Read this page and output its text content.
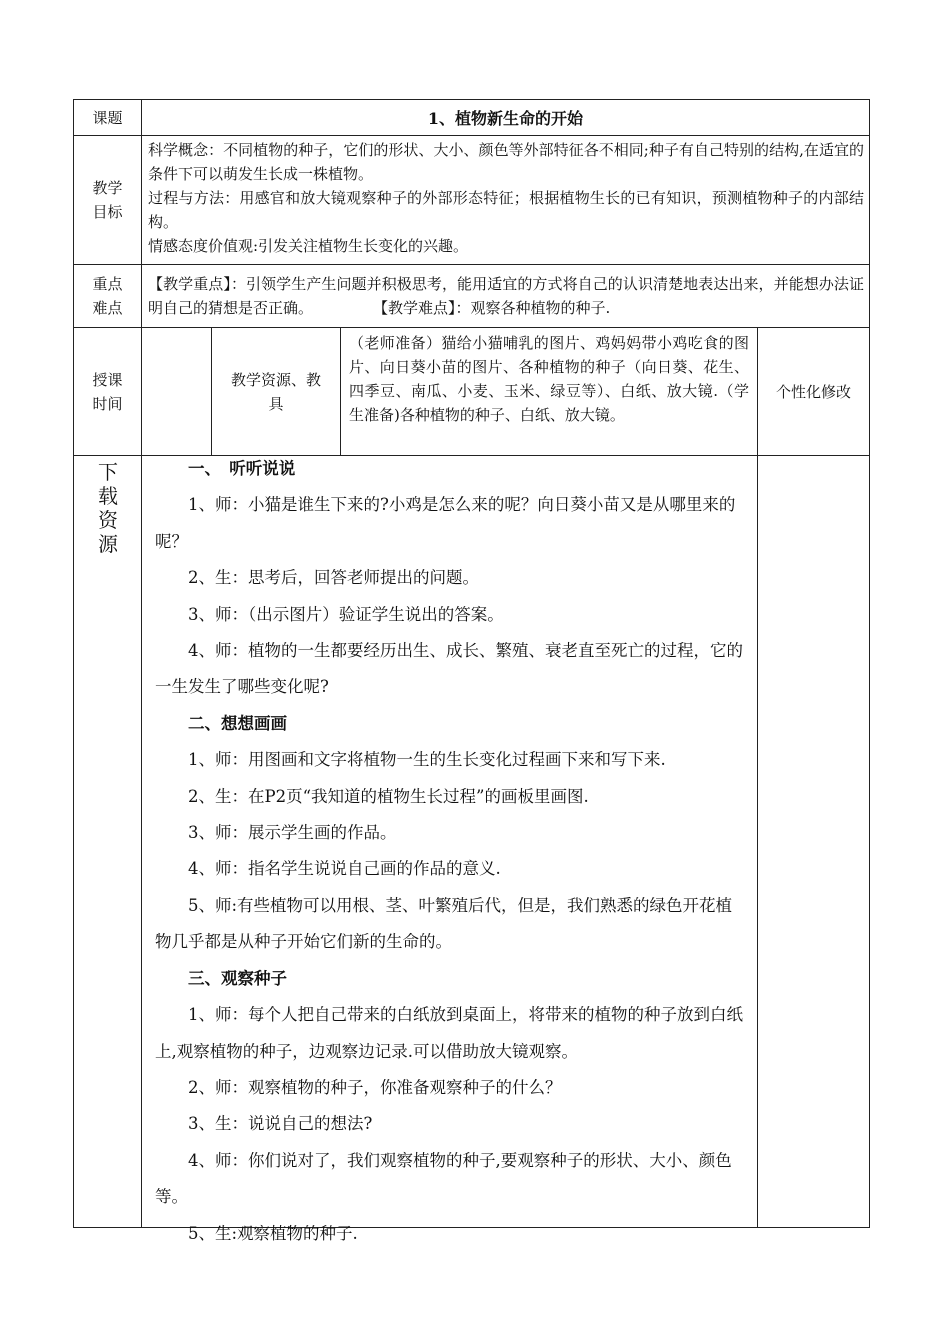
课题	1、植物新生命的开始
教学目标
科学概念：不同植物的种子，它们的形状、大小、颜色等外部特征各不相同;种子有自己特别的结构,在适宜的条件下可以萌发生长成一株植物。
过程与方法：用感官和放大镜观察种子的外部形态特征；根据植物生长的已有知识，预测植物种子的内部结构。
情感态度价值观:引发关注植物生长变化的兴趣。
重点难点
【教学重点】：引领学生产生问题并积极思考，能用适宜的方式将自己的认识清楚地表达出来，并能想办法证明自己的猜想是否正确。　　　　　【教学难点】：观察各种植物的种子.
授课时间
教学资源、教具
（老师准备）猫给小猫哺乳的图片、鸡妈妈带小鸡吃食的图片、向日葵小苗的图片、各种植物的种子（向日葵、花生、四季豆、南瓜、小麦、玉米、绿豆等）、白纸、放大镜.（学生准备)各种植物的种子、白纸、放大镜。
个性化修改
下载资源

一、　听听说说

1、师：小猫是谁生下来的?小鸡是怎么来的呢？向日葵小苗又是从哪里来的呢？

2、生：思考后，回答老师提出的问题。

3、师：（出示图片）验证学生说出的答案。

4、师：植物的一生都要经历出生、成长、繁殖、衰老直至死亡的过程，它的一生发生了哪些变化呢?

二、想想画画

1、师：用图画和文字将植物一生的生长变化过程画下来和写下来.

2、生：在P2页“我知道的植物生长过程”的画板里画图.

3、师：展示学生画的作品。

4、师：指名学生说说自己画的作品的意义.

5、师:有些植物可以用根、茎、叶繁殖后代，但是，我们熟悉的绿色开花植物几乎都是从种子开始它们新的生命的。

三、观察种子

1、师：每个人把自己带来的白纸放到桌面上，将带来的植物的种子放到白纸上,观察植物的种子，边观察边记录.可以借助放大镜观察。

2、师：观察植物的种子，你准备观察种子的什么？

3、生：说说自己的想法?

4、师：你们说对了，我们观察植物的种子,要观察种子的形状、大小、颜色等。

5、生:观察植物的种子.
